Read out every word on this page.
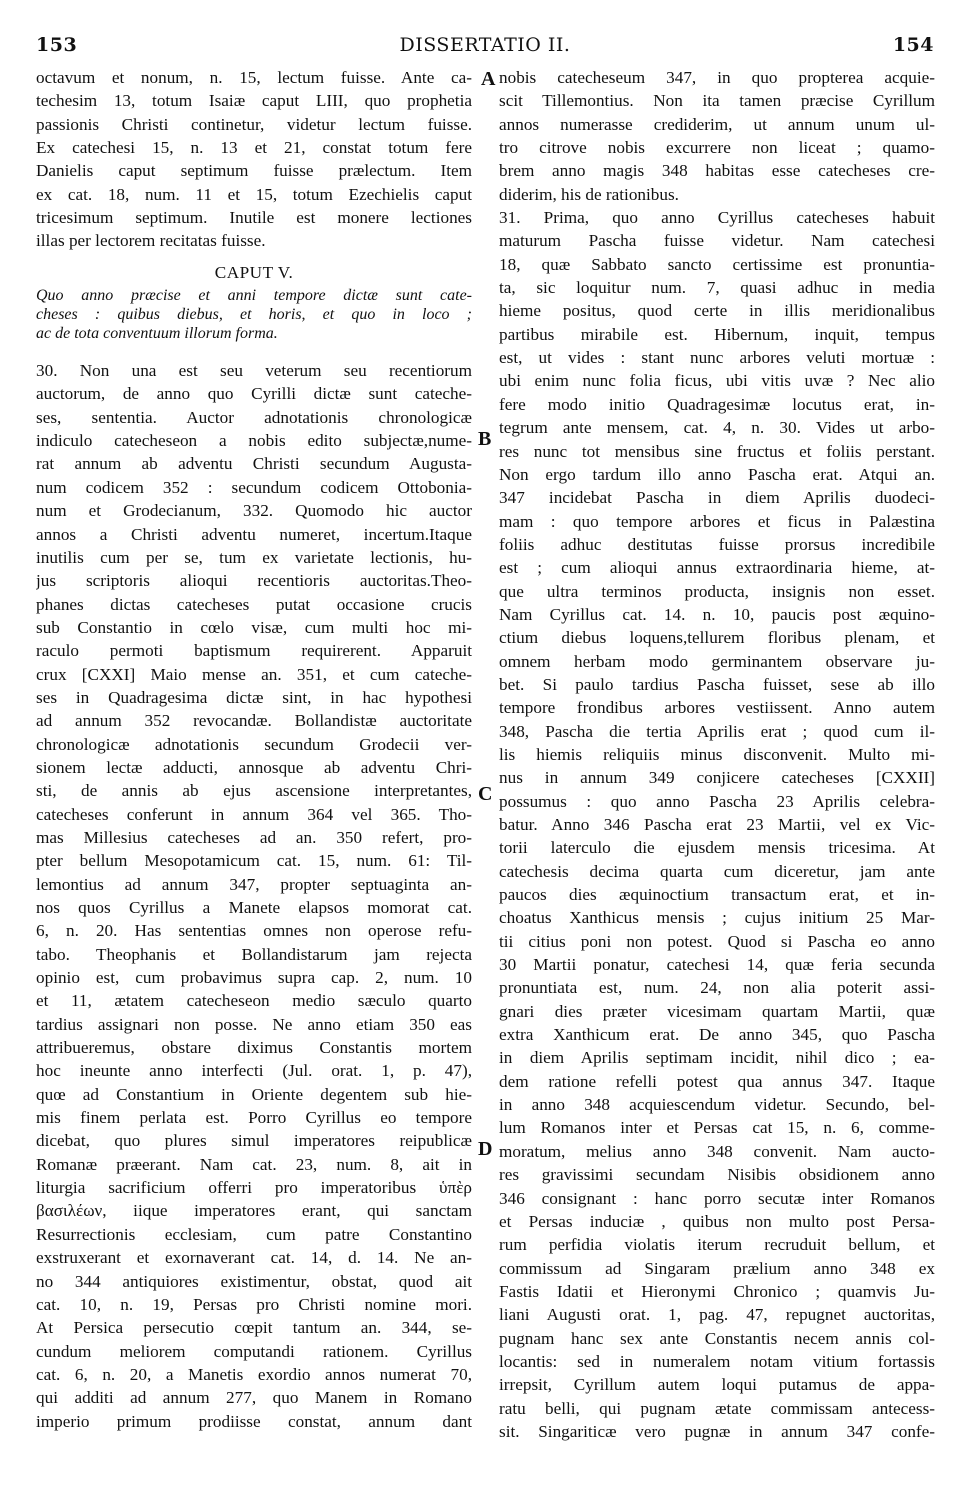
153	DISSERTATIO II.	154
octavum et nonum, n. 15, lectum fuisse. Ante ca-
techesim 13, totum Isaiæ caput LIII, quo prophetia
passionis Christi continetur, videtur lectum fuisse.
Ex catechesi 15, n. 13 et 21, constat totum fere
Danielis caput septimum fuisse prælectum. Item
ex cat. 18, num. 11 et 15, totum Ezechielis caput
tricesimum septimum. Inutile est monere lectiones
illas per lectorem recitatas fuisse.
CAPUT V.
Quo anno præcise et anni tempore dictæ sunt cate-
cheses : quibus diebus, et horis, et quo in loco ;
ac de tota conventuum illorum forma.
30. Non una est seu veterum seu recentiorum
auctorum, de anno quo Cyrilli dictæ sunt cateche-
ses, sententia. Auctor adnotationis chronologicæ
indiculo catecheseon a nobis edito subjectæ,nume-
rat annum ab adventu Christi secundum Augusta-
num codicem 352 : secundum codicem Ottobonia-
num et Grodecianum, 332. Quomodo hic auctor
annos a Christi adventu numeret, incertum.Itaque
inutilis cum per se, tum ex varietate lectionis, hu-
jus scriptoris alioqui recentioris auctoritas.Theo-
phanes dictas catecheses putat occasione crucis
sub Constantio in cœlo visæ, cum multi hoc mi-
raculo permoti baptismum requirerent. Apparuit
crux [CXXI] Maio mense an. 351, et cum cateche-
ses in Quadragesima dictæ sint, in hac hypothesi
ad annum 352 revocandæ. Bollandistæ auctoritate
chronologicæ adnotationis secundum Grodecii ver-
sionem lectæ adducti, annosque ab adventu Chri-
sti, de annis ab ejus ascensione interpretantes,
catecheses conferunt in annum 364 vel 365. Tho-
mas Millesius catecheses ad an. 350 refert, pro-
pter bellum Mesopotamicum cat. 15, num. 61: Til-
lemontius ad annum 347, propter septuaginta an-
nos quos Cyrillus a Manete elapsos momorat cat.
6, n. 20. Has sententias omnes non operose refu-
tabo. Theophanis et Bollandistarum jam rejecta
opinio est, cum probavimus supra cap. 2, num. 10
et 11, ætatem catecheseon medio sæculo quarto
tardius assignari non posse. Ne anno etiam 350 eas
attribueremus, obstare diximus Constantis mortem
hoc ineunte anno interfecti (Jul. orat. 1, p. 47),
quœ ad Constantium in Oriente degentem sub hie-
mis finem perlata est. Porro Cyrillus eo tempore
dicebat, quo plures simul imperatores reipublicæ
Romanæ præerant. Nam cat. 23, num. 8, ait in
liturgia sacrificium offerri pro imperatoribus ὑπὲρ
βασιλέων, iique imperatores erant, qui sanctam
Resurrectionis ecclesiam, cum patre Constantino
exstruxerant et exornaverant cat. 14, d. 14. Ne an-
no 344 antiquiores existimentur, obstat, quod ait
cat. 10, n. 19, Persas pro Christi nomine mori.
At Persica persecutio cœpit tantum an. 344, se-
cundum meliorem computandi rationem. Cyrillus
cat. 6, n. 20, a Manetis exordio annos numerat 70,
qui additi ad annum 277, quo Manem in Romano
imperio primum prodiisse constat, annum dant
nobis catecheseum 347, in quo propterea acquie-
scit Tillemontius. Non ita tamen præcise Cyrillum
annos numerasse crediderim, ut annum unum ul-
tro citrove nobis excurrere non liceat ; quamo-
brem anno magis 348 habitas esse catecheses cre-
diderim, his de rationibus.
31. Prima, quo anno Cyrillus catecheses habuit
maturum Pascha fuisse videtur. Nam catechesi
18, quæ Sabbato sancto certissime est pronuntia-
ta, sic loquitur num. 7, quasi adhuc in media
hieme positus, quod certe in illis meridionalibus
partibus mirabile est. Hibernum, inquit, tempus
est, ut vides : stant nunc arbores veluti mortuæ :
ubi enim nunc folia ficus, ubi vitis uvæ ? Nec alio
fere modo initio Quadragesimæ locutus erat, in-
tegrum ante mensem, cat. 4, n. 30. Vides ut arbo-
res nunc tot mensibus sine fructus et foliis perstant.
Non ergo tardum illo anno Pascha erat. Atqui an.
347 incidebat Pascha in diem Aprilis duodeci-
mam : quo tempore arbores et ficus in Palæstina
foliis adhuc destitutas fuisse prorsus incredibile
est ; cum alioqui annus extraordinaria hieme, at-
que ultra terminos producta, insignis non esset.
Nam Cyrillus cat. 14. n. 10, paucis post æquino-
ctium diebus loquens,tellurem floribus plenam, et
omnem herbam modo germinantem observare ju-
bet. Si paulo tardius Pascha fuisset, sese ab illo
tempore frondibus arbores vestiissent. Anno autem
348, Pascha die tertia Aprilis erat ; quod cum il-
lis hiemis reliquiis minus disconvenit. Multo mi-
nus in annum 349 conjicere catecheses [CXXII]
possumus : quo anno Pascha 23 Aprilis celebra-
batur. Anno 346 Pascha erat 23 Martii, vel ex Vic-
torii laterculo die ejusdem mensis tricesima. At
catechesis decima quarta cum diceretur, jam ante
paucos dies æquinoctium transactum erat, et in-
choatus Xanthicus mensis ; cujus initium 25 Mar-
tii citius poni non potest. Quod si Pascha eo anno
30 Martii ponatur, catechesi 14, quæ feria secunda
pronuntiata est, num. 24, non alia poterit assi-
gnari dies præter vicesimam quartam Martii, quæ
extra Xanthicum erat. De anno 345, quo Pascha
in diem Aprilis septimam incidit, nihil dico ; ea-
dem ratione refelli potest qua annus 347. Itaque
in anno 348 acquiescendum videtur. Secundo, bel-
lum Romanos inter et Persas cat 15, n. 6, comme-
moratum, melius anno 348 convenit. Nam aucto-
res gravissimi secundam Nisibis obsidionem anno
346 consignant : hanc porro secutæ inter Romanos
et Persas induciæ , quibus non multo post Persa-
rum perfidia violatis iterum recruduit bellum, et
commissum ad Singaram prælium anno 348 ex
Fastis Idatii et Hieronymi Chronico ; quamvis Ju-
liani Augusti orat. 1, pag. 47, repugnet auctoritas,
pugnam hanc sex ante Constantis necem annis col-
locantis: sed in numeralem notam vitium fortassis
irrepsit, Cyrillum autem loqui putamus de appa-
ratu belli, qui pugnam ætate commissam antecess-
sit. Singariticæ vero pugnæ in annum 347 confe-
A
B
C
D
